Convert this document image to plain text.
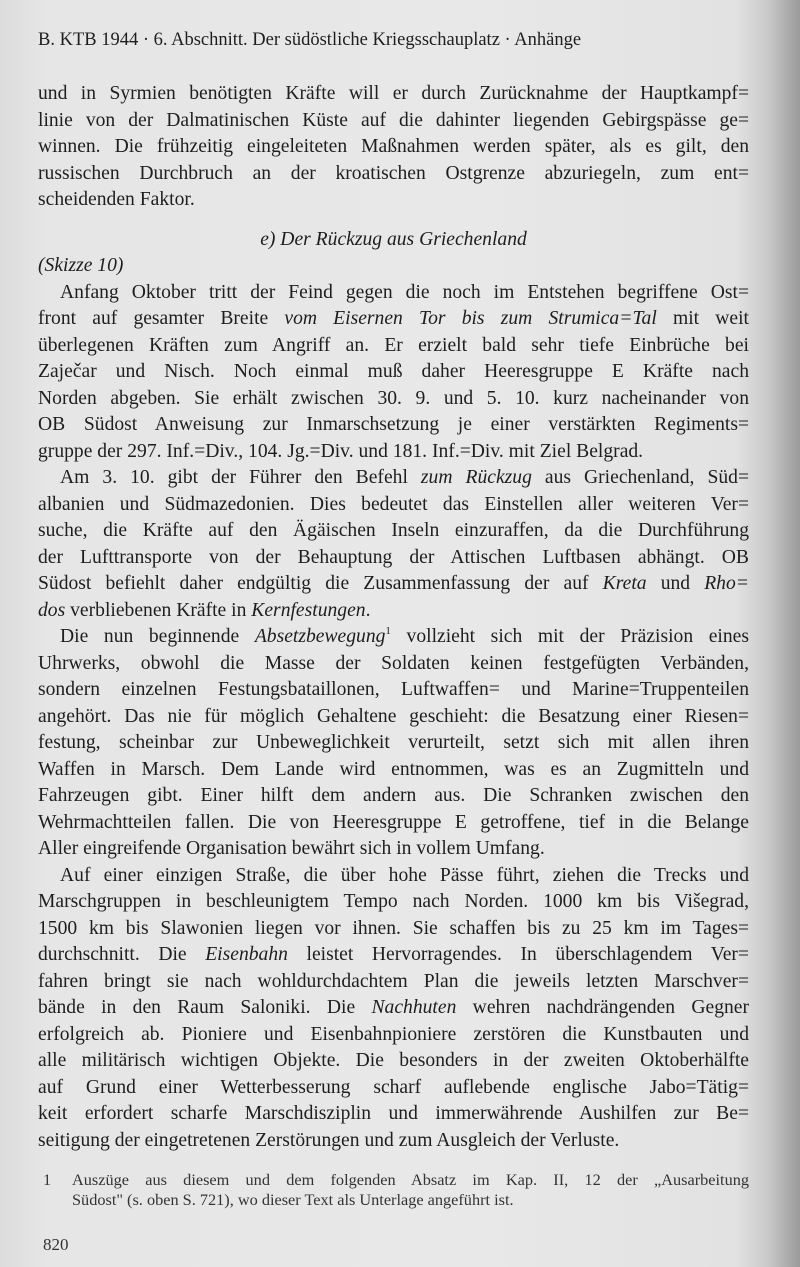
B. KTB 1944 · 6. Abschnitt. Der südöstliche Kriegsschauplatz · Anhänge
und in Syrmien benötigten Kräfte will er durch Zurücknahme der Hauptkampf=
linie von der Dalmatinischen Küste auf die dahinter liegenden Gebirgspässe ge=
winnen. Die frühzeitig eingeleiteten Maßnahmen werden später, als es gilt, den
russischen Durchbruch an der kroatischen Ostgrenze abzuriegeln, zum ent=
scheidenden Faktor.
e) Der Rückzug aus Griechenland
(Skizze 10)
Anfang Oktober tritt der Feind gegen die noch im Entstehen begriffene Ost=
front auf gesamter Breite vom Eisernen Tor bis zum Strumica=Tal mit weit
überlegenen Kräften zum Angriff an. Er erzielt bald sehr tiefe Einbrüche bei
Zaječar und Nisch. Noch einmal muß daher Heeresgruppe E Kräfte nach
Norden abgeben. Sie erhält zwischen 30. 9. und 5. 10. kurz nacheinander von
OB Südost Anweisung zur Inmarschsetzung je einer verstärkten Regiments=
gruppe der 297. Inf.=Div., 104. Jg.=Div. und 181. Inf.=Div. mit Ziel Belgrad.
Am 3. 10. gibt der Führer den Befehl zum Rückzug aus Griechenland, Süd=
albanien und Südmazedonien. Dies bedeutet das Einstellen aller weiteren Ver=
suche, die Kräfte auf den Ägäischen Inseln einzuraffen, da die Durchführung
der Lufttransporte von der Behauptung der Attischen Luftbasen abhängt. OB
Südost befiehlt daher endgültig die Zusammenfassung der auf Kreta und Rho=
dos verbliebenen Kräfte in Kernfestungen.
Die nun beginnende Absetzbewegung$^1$ vollzieht sich mit der Präzision eines
Uhrwerks, obwohl die Masse der Soldaten keinen festgefügten Verbänden,
sondern einzelnen Festungsbataillonen, Luftwaffen= und Marine=Truppenteilen
angehört. Das nie für möglich Gehaltene geschieht: die Besatzung einer Riesen=
festung, scheinbar zur Unbeweglichkeit verurteilt, setzt sich mit allen ihren
Waffen in Marsch. Dem Lande wird entnommen, was es an Zugmitteln und
Fahrzeugen gibt. Einer hilft dem andern aus. Die Schranken zwischen den
Wehrmachtteilen fallen. Die von Heeresgruppe E getroffene, tief in die Belange
Aller eingreifende Organisation bewährt sich in vollem Umfang.
Auf einer einzigen Straße, die über hohe Pässe führt, ziehen die Trecks und
Marschgruppen in beschleunigtem Tempo nach Norden. 1000 km bis Višegrad,
1500 km bis Slawonien liegen vor ihnen. Sie schaffen bis zu 25 km im Tages=
durchschnitt. Die Eisenbahn leistet Hervorragendes. In überschlagendem Ver=
fahren bringt sie nach wohldurchdachtem Plan die jeweils letzten Marschver=
bände in den Raum Saloniki. Die Nachhuten wehren nachdrängenden Gegner
erfolgreich ab. Pioniere und Eisenbahnpioniere zerstören die Kunstbauten und
alle militärisch wichtigen Objekte. Die besonders in der zweiten Oktoberhälfte
auf Grund einer Wetterbesserung scharf auflebende englische Jabo=Tätig=
keit erfordert scharfe Marschdisziplin und immerwährende Aushilfen zur Be=
seitigung der eingetretenen Zerstörungen und zum Ausgleich der Verluste.
1 Auszüge aus diesem und dem folgenden Absatz im Kap. II, 12 der „Ausarbeitung
Südost" (s. oben S. 721), wo dieser Text als Unterlage angeführt ist.
820
